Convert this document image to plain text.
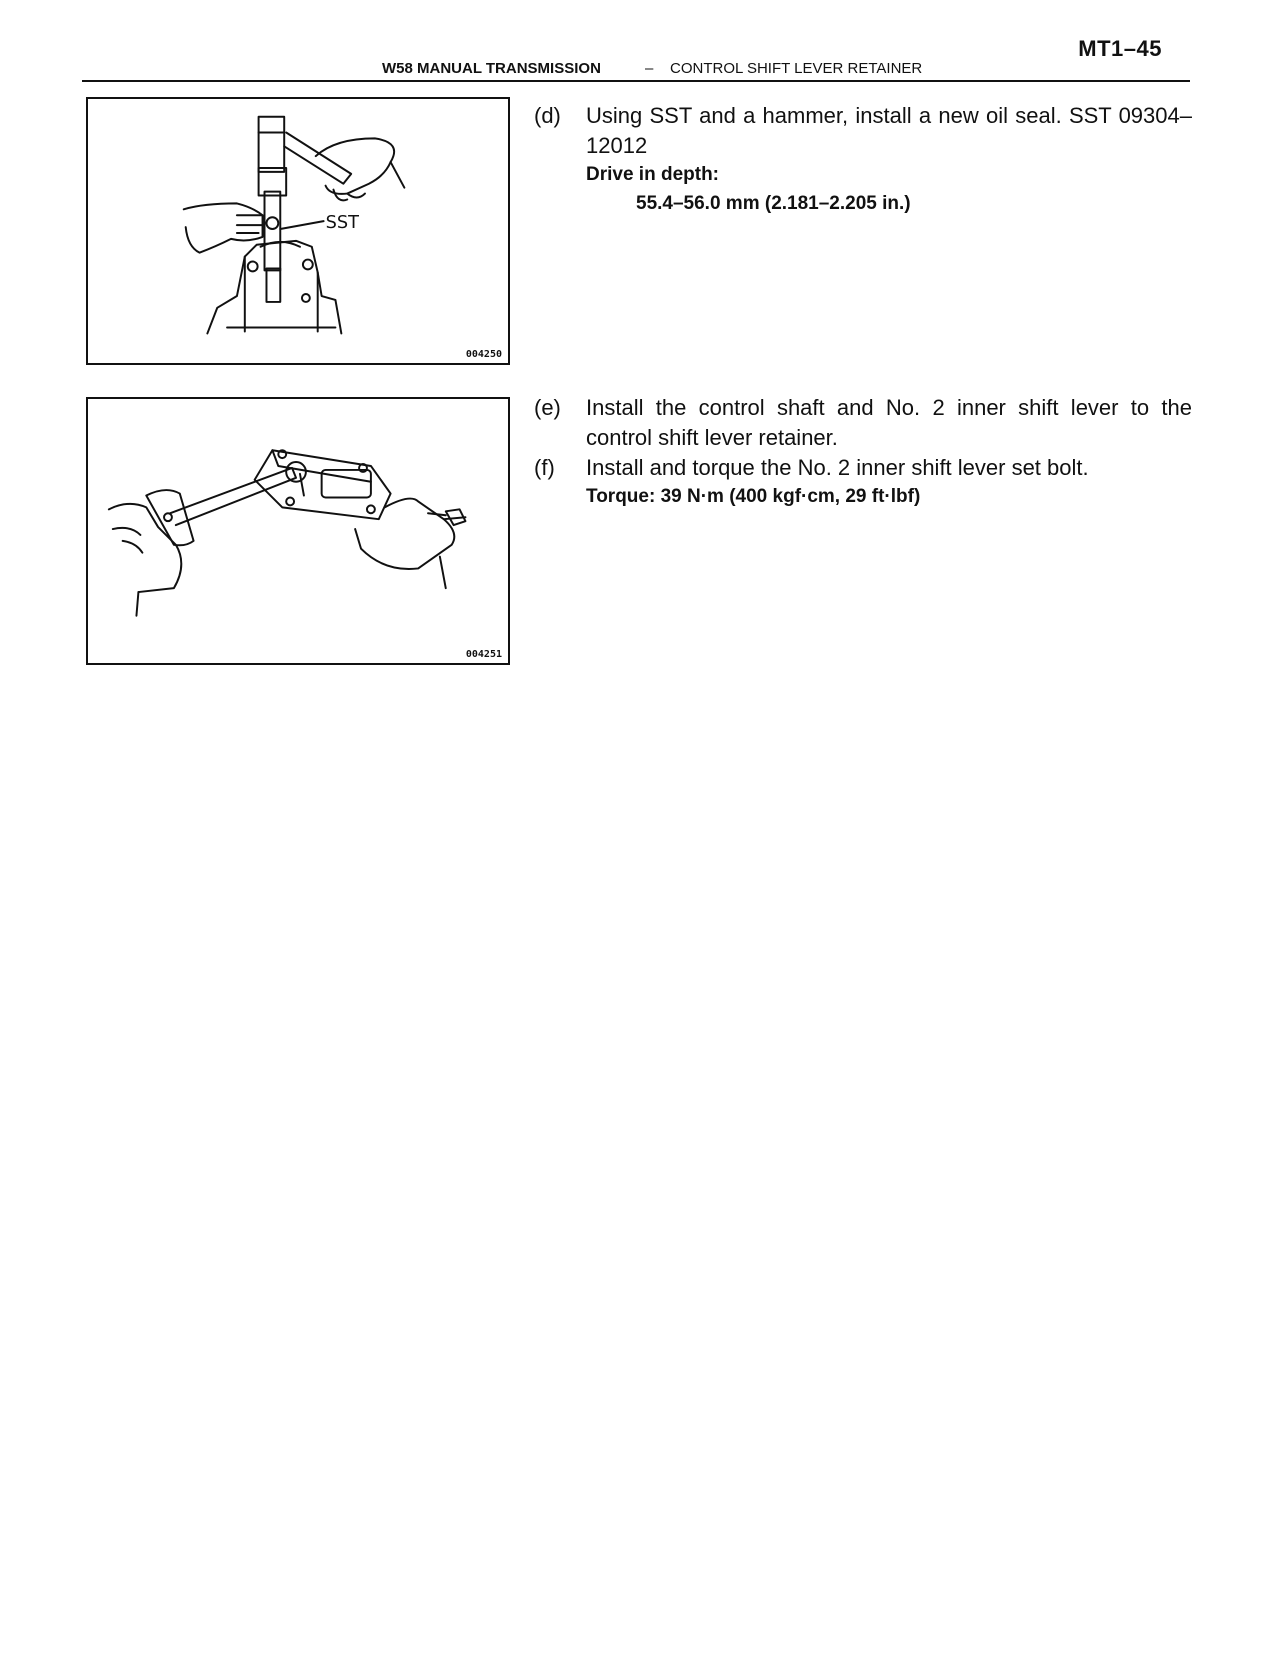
MT1–45
W58 MANUAL TRANSMISSION	– CONTROL SHIFT LEVER RETAINER
SST
004250
004251
(d) Using SST and a hammer, install a new oil seal. SST 09304–12012
Drive in depth:
55.4–56.0 mm (2.181–2.205 in.)
(e) Install the control shaft and No. 2 inner shift lever to the control shift lever retainer.
(f) Install and torque the No. 2 inner shift lever set bolt.
Torque: 39 N·m (400 kgf·cm, 29 ft·lbf)
